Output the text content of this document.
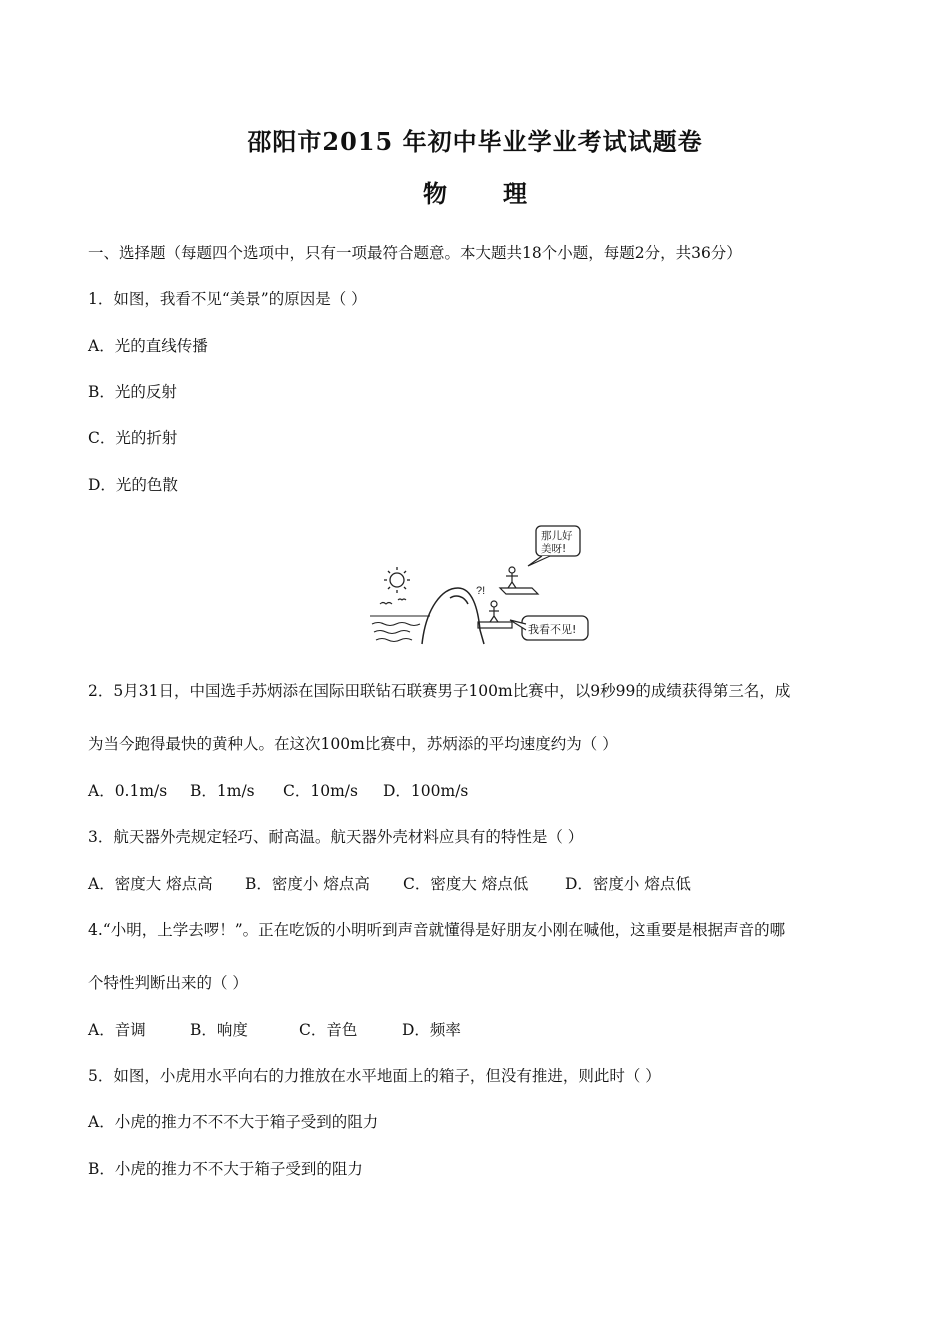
邵阳市2015 年初中毕业学业考试试题卷
物 理
一、选择题（每题四个选项中，只有一项最符合题意。本大题共18个小题，每题2分，共36分）
1．如图，我看不见“美景”的原因是（ ）
A．光的直线传播
B．光的反射
C．光的折射
D．光的色散
?!
那儿好
美呀!
我看不见!
2．5月31日，中国选手苏炳添在国际田联钻石联赛男子100m比赛中，以9秒99的成绩获得第三名，成
为当今跑得最快的黄种人。在这次100m比赛中，苏炳添的平均速度约为（ ）
A．0.1m/s B．1m/s C．10m/s D．100m/s
3．航天器外壳规定轻巧、耐高温。航天器外壳材料应具有的特性是（ ）
A．密度大 熔点高 B．密度小 熔点高 C．密度大 熔点低 D．密度小 熔点低
4.“小明，上学去啰！”。正在吃饭的小明听到声音就懂得是好朋友小刚在喊他，这重要是根据声音的哪
个特性判断出来的（ ）
A．音调	B．响度	C．音色	D．频率
5．如图，小虎用水平向右的力推放在水平地面上的箱子，但没有推进，则此时（ ）
A．小虎的推力不不不大于箱子受到的阻力
B．小虎的推力不不大于箱子受到的阻力
